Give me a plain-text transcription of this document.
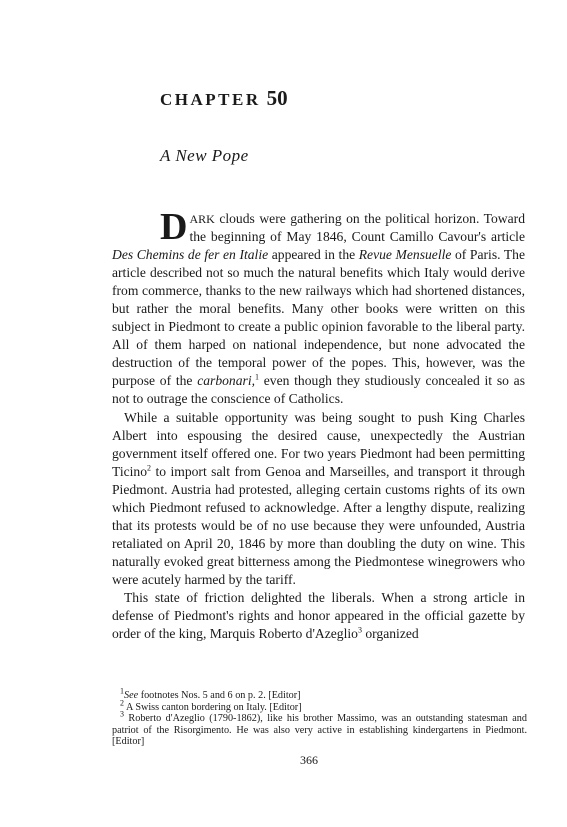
CHAPTER 50
A New Pope

DARK clouds were gathering on the political horizon. Toward the beginning of May 1846, Count Camillo Cavour's article Des Chemins de fer en Italie appeared in the Revue Mensuelle of Paris. The article described not so much the natural benefits which Italy would derive from commerce, thanks to the new railways which had shortened distances, but rather the moral benefits. Many other books were written on this subject in Piedmont to create a public opinion favorable to the liberal party. All of them harped on national independence, but none advocated the destruction of the temporal power of the popes. This, however, was the purpose of the carbonari,$^1$ even though they studiously concealed it so as not to outrage the conscience of Catholics.

While a suitable opportunity was being sought to push King Charles Albert into espousing the desired cause, unexpectedly the Austrian government itself offered one. For two years Piedmont had been permitting Ticino$^2$ to import salt from Genoa and Marseilles, and transport it through Piedmont. Austria had protested, alleging certain customs rights of its own which Piedmont refused to acknowledge. After a lengthy dispute, realizing that its protests would be of no use because they were unfounded, Austria retaliated on April 20, 1846 by more than doubling the duty on wine. This naturally evoked great bitterness among the Piedmontese winegrowers who were acutely harmed by the tariff.

This state of friction delighted the liberals. When a strong article in defense of Piedmont's rights and honor appeared in the official gazette by order of the king, Marquis Roberto d'Azeglio$^3$ organized

$^1$See footnotes Nos. 5 and 6 on p. 2. [Editor]

$^2$ A Swiss canton bordering on Italy. [Editor]

$^3$ Roberto d'Azeglio (1790-1862), like his brother Massimo, was an outstanding statesman and patriot of the Risorgimento. He was also very active in establishing kindergartens in Piedmont. [Editor]

366
